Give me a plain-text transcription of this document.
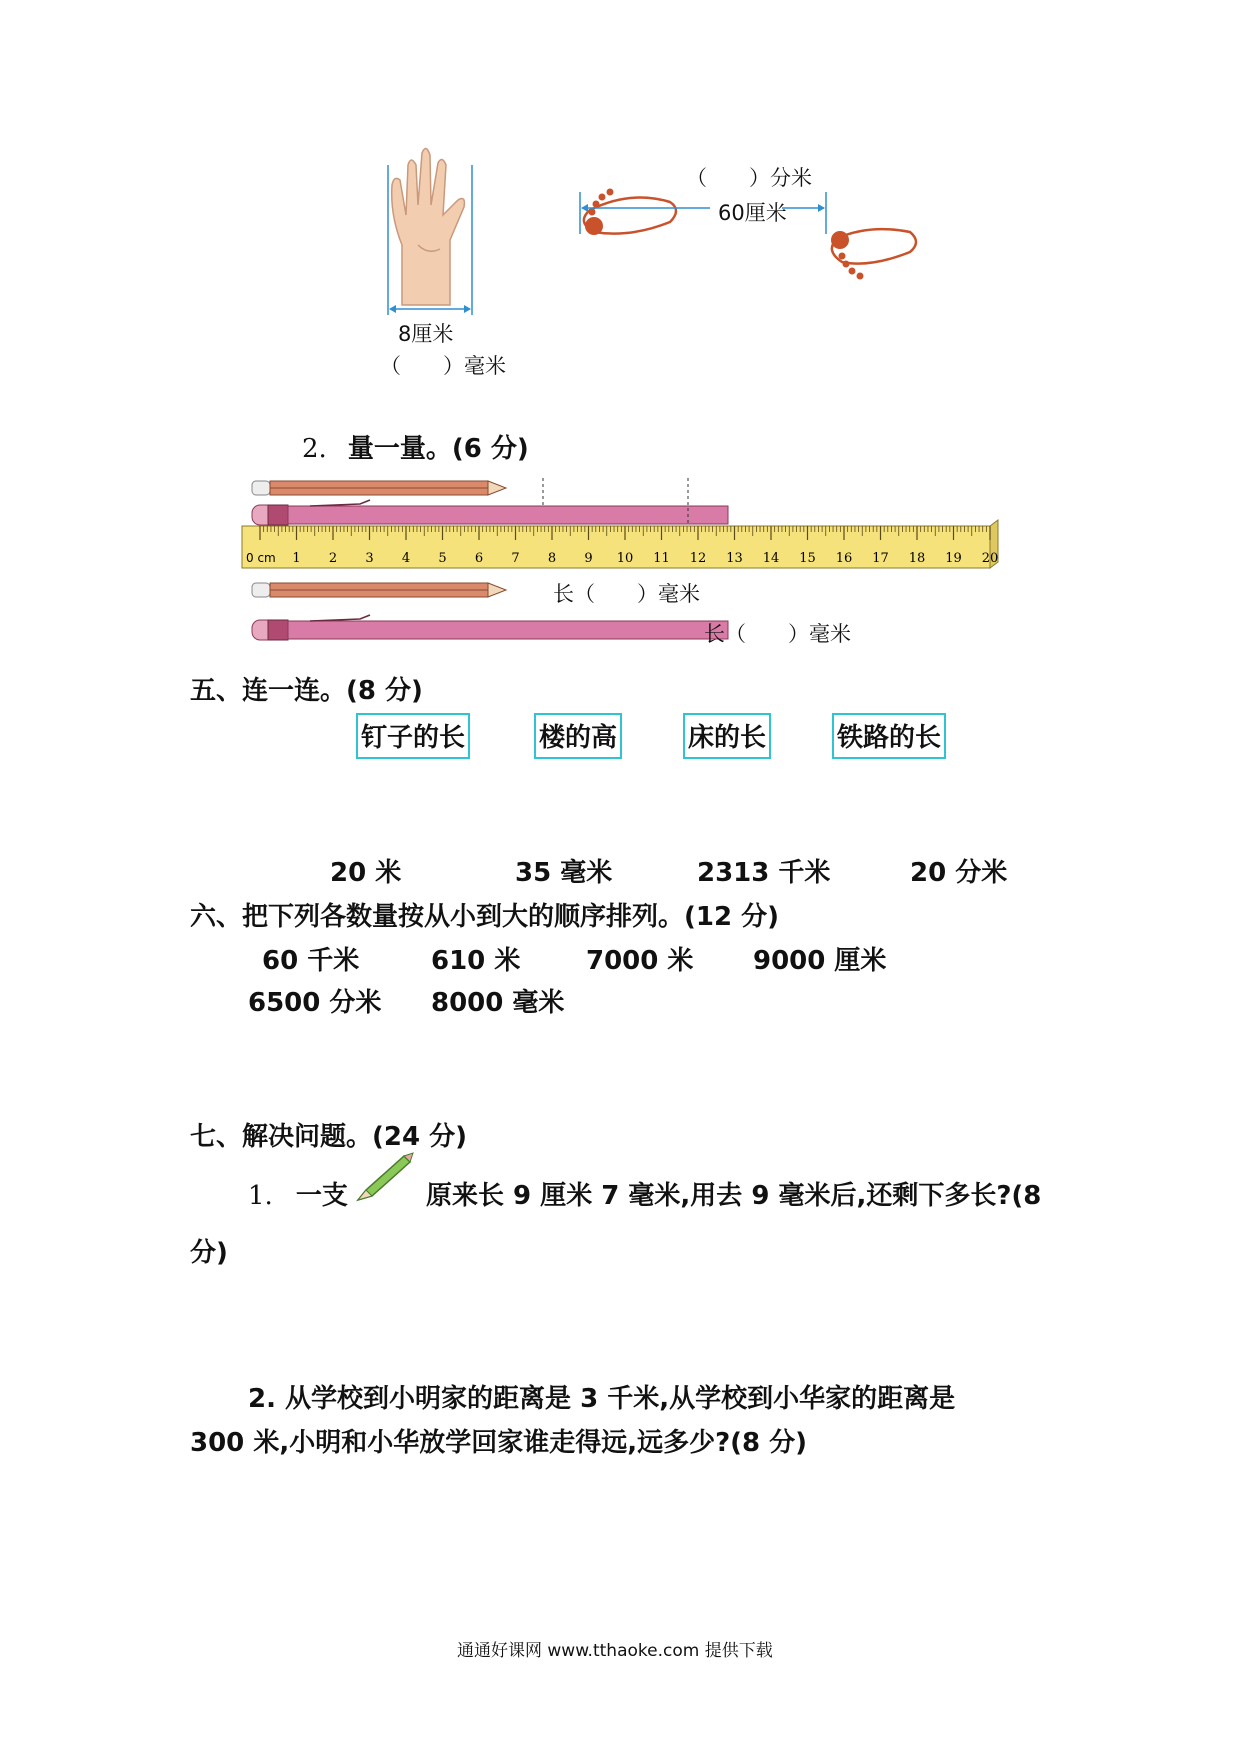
8厘米
（　　）毫米
（　　）分米
60厘米
2. 量一量。(6 分)
1 2 3 4 5 6 7 8 9 10 11 12 13 14 15 16 17 18 19 20
0 cm
长（　　）毫米
长（　　）毫米
五、连一连。(8 分)
钉子的长	楼的高	床的长	铁路的长
20 米	35 毫米	2313 千米	20 分米
六、把下列各数量按从小到大的顺序排列。(12 分)
60 千米	610 米	7000 米 9000 厘米
6500 分米 8000 毫米
七、解决问题。(24 分)
1. 一支	原来长 9 厘米 7 毫米,用去 9 毫米后,还剩下多长?(8
分)
2. 从学校到小明家的距离是 3 千米,从学校到小华家的距离是
300 米,小明和小华放学回家谁走得远,远多少?(8 分)
通通好课网 www.tthaoke.com 提供下载
